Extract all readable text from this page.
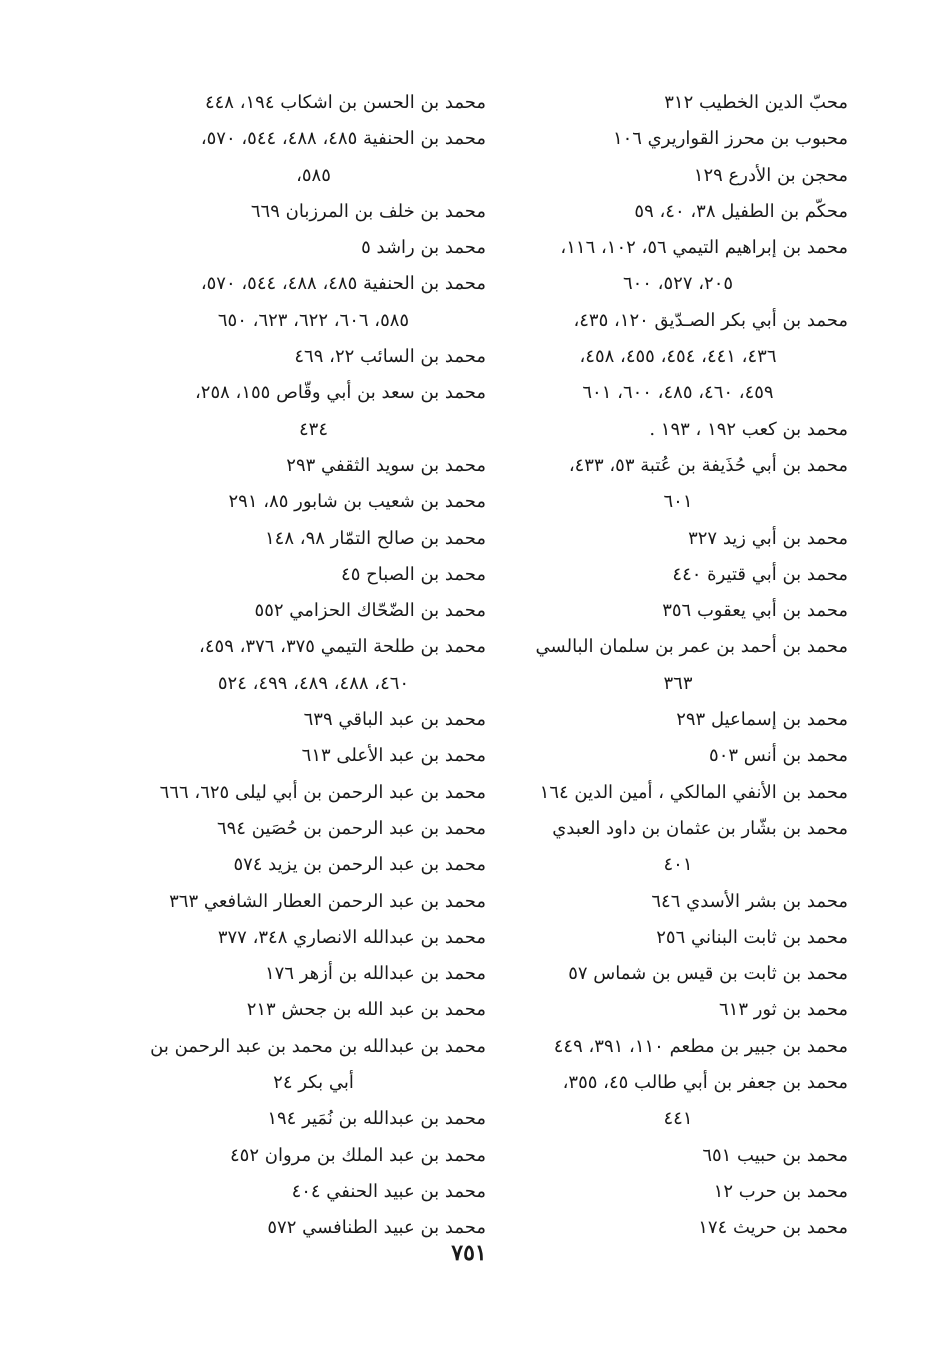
محبّ الدين الخطيب ٣١٢
محبوب بن محرز القواريري ١٠٦
محجن بن الأدرع ١٢٩
محكّم بن الطفيل ٣٨، ٤٠، ٥٩
محمد بن إبراهيم التيمي ٥٦، ١٠٢، ١١٦،
٢٠٥، ٥٢٧، ٦٠٠
محمد بن أبي بكر الصـدّيق ١٢٠، ٤٣٥،
٤٣٦، ٤٤١، ٤٥٤، ٤٥٥، ٤٥٨،
٤٥٩، ٤٦٠، ٤٨٥، ٦٠٠، ٦٠١
محمد بن كعب ١٩٢ ، ١٩٣ .
محمد بن أبي حُذَيفة بن عُتبة ٥٣، ٤٣٣،
٦٠١
محمد بن أبي زيد ٣٢٧
محمد بن أبي قتيرة ٤٤٠
محمد بن أبي يعقوب ٣٥٦
محمد بن أحمد بن عمر بن سلمان البالسي
٣٦٣
محمد بن إسماعيل ٢٩٣
محمد بن أنس ٥٠٣
محمد بن الأنفي المالكي ، أمين الدين ١٦٤
محمد بن بشّار بن عثمان بن داود العبدي
٤٠١
محمد بن بشر الأسدي ٦٤٦
محمد بن ثابت البناني ٢٥٦
محمد بن ثابت بن قيس بن شماس ٥٧
محمد بن ثور ٦١٣
محمد بن جبير بن مطعم ١١٠، ٣٩١، ٤٤٩
محمد بن جعفر بن أبي طالب ٤٥، ٣٥٥،
٤٤١
محمد بن حبيب ٦٥١
محمد بن حرب ١٢
محمد بن حريث ١٧٤
محمد بن الحسن بن اشكاب ١٩٤، ٤٤٨
محمد بن الحنفية ٤٨٥، ٤٨٨، ٥٤٤، ٥٧٠،
٥٨٥،
محمد بن خلف بن المرزبان ٦٦٩
محمد بن راشد ٥
محمد بن الحنفية ٤٨٥، ٤٨٨، ٥٤٤، ٥٧٠،
٥٨٥، ٦٠٦، ٦٢٢، ٦٢٣، ٦٥٠
محمد بن السائب ٢٢، ٤٦٩
محمد بن سعد بن أبي وقّاص ١٥٥، ٢٥٨،
٤٣٤
محمد بن سويد الثقفي ٢٩٣
محمد بن شعيب بن شابور ٨٥، ٢٩١
محمد بن صالح التمّار ٩٨، ١٤٨
محمد بن الصباح ٤٥
محمد بن الضّحّاك الحزامي ٥٥٢
محمد بن طلحة التيمي ٣٧٥، ٣٧٦، ٤٥٩،
٤٦٠، ٤٨٨، ٤٨٩، ٤٩٩، ٥٢٤
محمد بن عبد الباقي ٦٣٩
محمد بن عبد الأعلى ٦١٣
محمد بن عبد الرحمن بن أبي ليلى ٦٢٥، ٦٦٦
محمد بن عبد الرحمن بن حُصَين ٦٩٤
محمد بن عبد الرحمن بن يزيد ٥٧٤
محمد بن عبد الرحمن العطار الشافعي ٣٦٣
محمد بن عبدالله الانصاري ٣٤٨، ٣٧٧
محمد بن عبدالله بن أزهر ١٧٦
محمد بن عبد الله بن جحش ٢١٣
محمد بن عبدالله بن محمد بن عبد الرحمن بن
أبي بكر ٢٤
محمد بن عبدالله بن نُمَير ١٩٤
محمد بن عبد الملك بن مروان ٤٥٢
محمد بن عبيد الحنفي ٤٠٤
محمد بن عبيد الطنافسي ٥٧٢
٧٥١
